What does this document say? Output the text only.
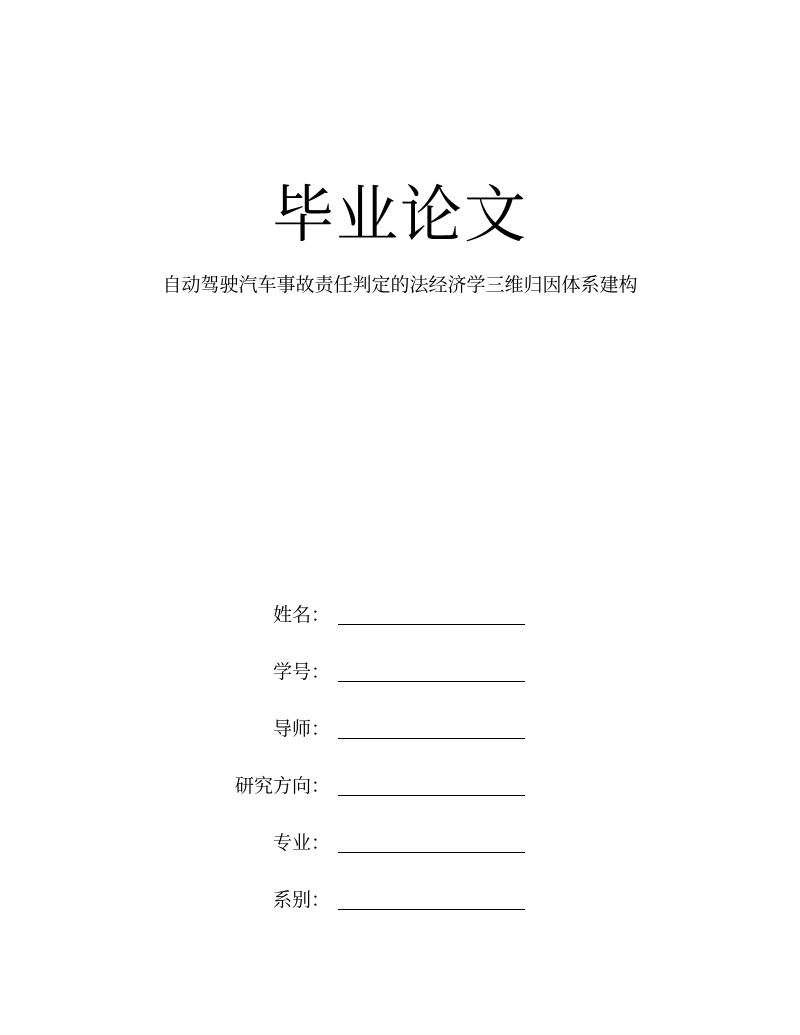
毕业论文
自动驾驶汽车事故责任判定的法经济学三维归因体系建构
姓名：
学号：
导师：
研究方向：
专业：
系别：
